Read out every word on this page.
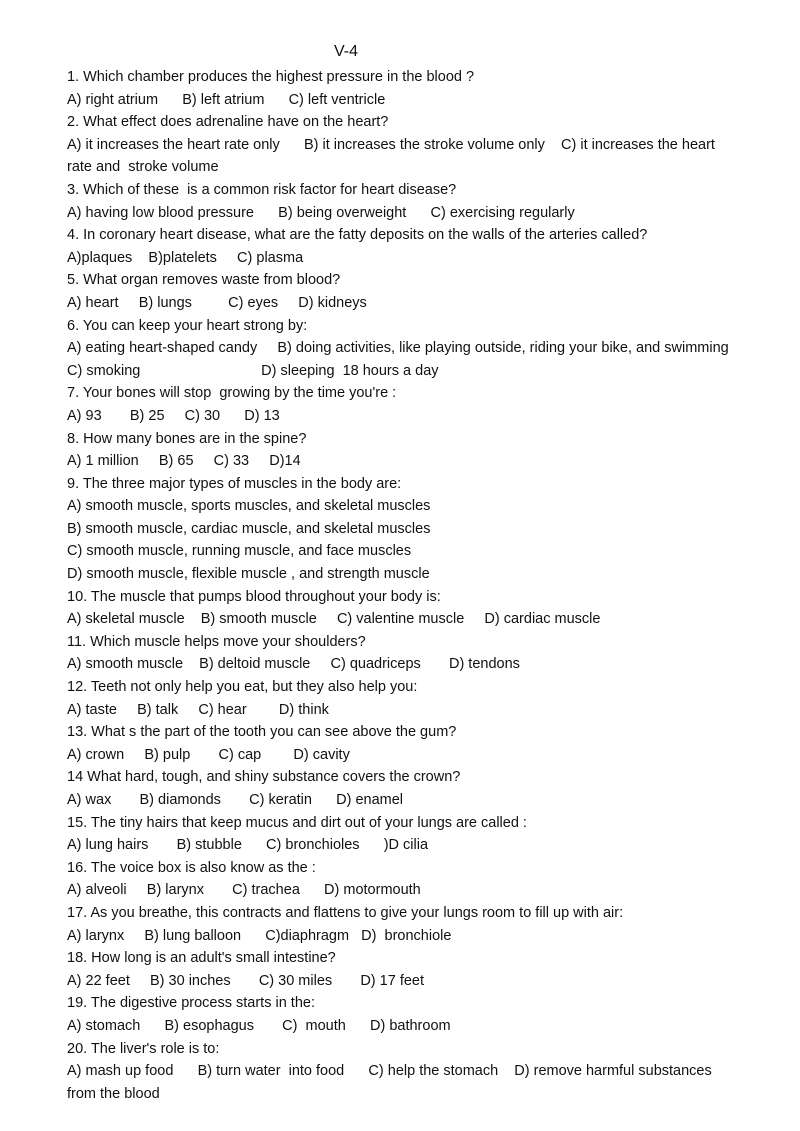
V-4
1. Which chamber produces the highest pressure in the blood ?
A) right atrium      B) left atrium      C) left ventricle
2. What effect does adrenaline have on the heart?
A) it increases the heart rate only      B) it increases the stroke volume only    C) it increases the heart
rate and  stroke volume
3. Which of these  is a common risk factor for heart disease?
A) having low blood pressure      B) being overweight      C) exercising regularly
4. In coronary heart disease, what are the fatty deposits on the walls of the arteries called?
A)plaques    B)platelets     C) plasma
5. What organ removes waste from blood?
A) heart     B) lungs         C) eyes     D) kidneys
6. You can keep your heart strong by:
A) eating heart-shaped candy     B) doing activities, like playing outside, riding your bike, and swimming
C) smoking                              D) sleeping  18 hours a day
7. Your bones will stop  growing by the time you're :
A) 93       B) 25     C) 30      D) 13
8. How many bones are in the spine?
A) 1 million     B) 65     C) 33     D)14
9. The three major types of muscles in the body are:
A) smooth muscle, sports muscles, and skeletal muscles
B) smooth muscle, cardiac muscle, and skeletal muscles
C) smooth muscle, running muscle, and face muscles
D) smooth muscle, flexible muscle , and strength muscle
10. The muscle that pumps blood throughout your body is:
A) skeletal muscle    B) smooth muscle     C) valentine muscle     D) cardiac muscle
11. Which muscle helps move your shoulders?
A) smooth muscle    B) deltoid muscle     C) quadriceps       D) tendons
12. Teeth not only help you eat, but they also help you:
A) taste     B) talk     C) hear        D) think
13. What s the part of the tooth you can see above the gum?
A) crown     B) pulp       C) cap        D) cavity
14 What hard, tough, and shiny substance covers the crown?
A) wax       B) diamonds       C) keratin      D) enamel
15. The tiny hairs that keep mucus and dirt out of your lungs are called :
A) lung hairs       B) stubble      C) bronchioles      )D cilia
16. The voice box is also know as the :
A) alveoli     B) larynx       C) trachea      D) motormouth
17. As you breathe, this contracts and flattens to give your lungs room to fill up with air:
A) larynx     B) lung balloon      C)diaphragm   D)  bronchiole
18. How long is an adult's small intestine?
A) 22 feet     B) 30 inches       C) 30 miles       D) 17 feet
19. The digestive process starts in the:
A) stomach      B) esophagus       C)  mouth      D) bathroom
20. The liver's role is to:
A) mash up food      B) turn water  into food      C) help the stomach    D) remove harmful substances
from the blood
